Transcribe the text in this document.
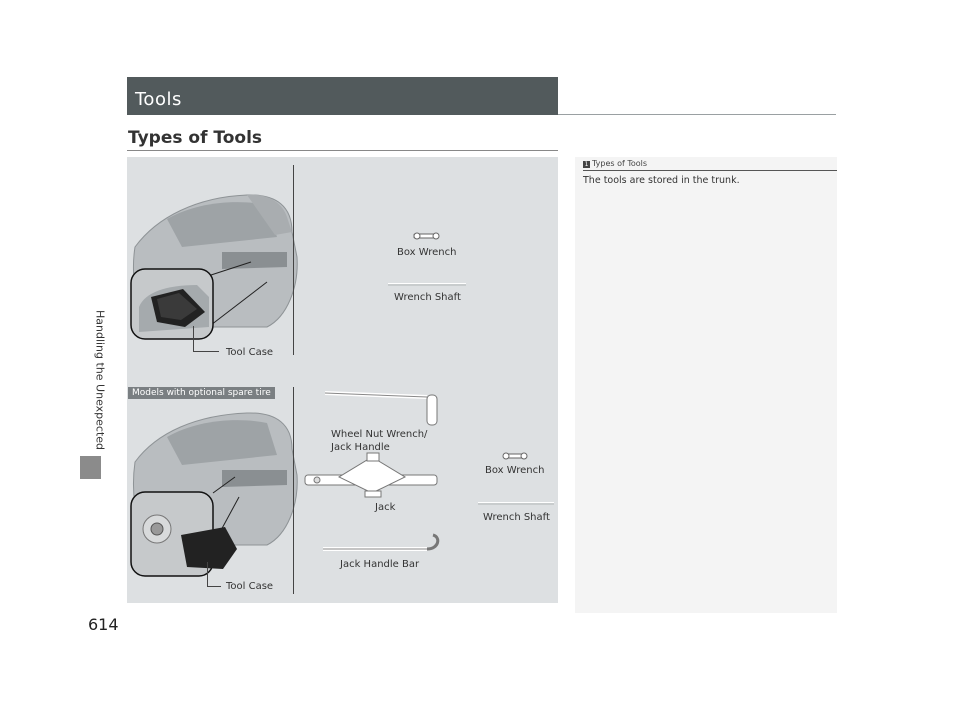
Handling the Unexpected
614
Tools
Types of Tools
Box Wrench
Wrench Shaft
Tool Case
Models with optional spare tire
Wheel Nut Wrench/
Jack Handle
Box Wrench
Jack
Wrench Shaft
Jack Handle Bar
Tool Case
1 Types of Tools
The tools are stored in the trunk.
